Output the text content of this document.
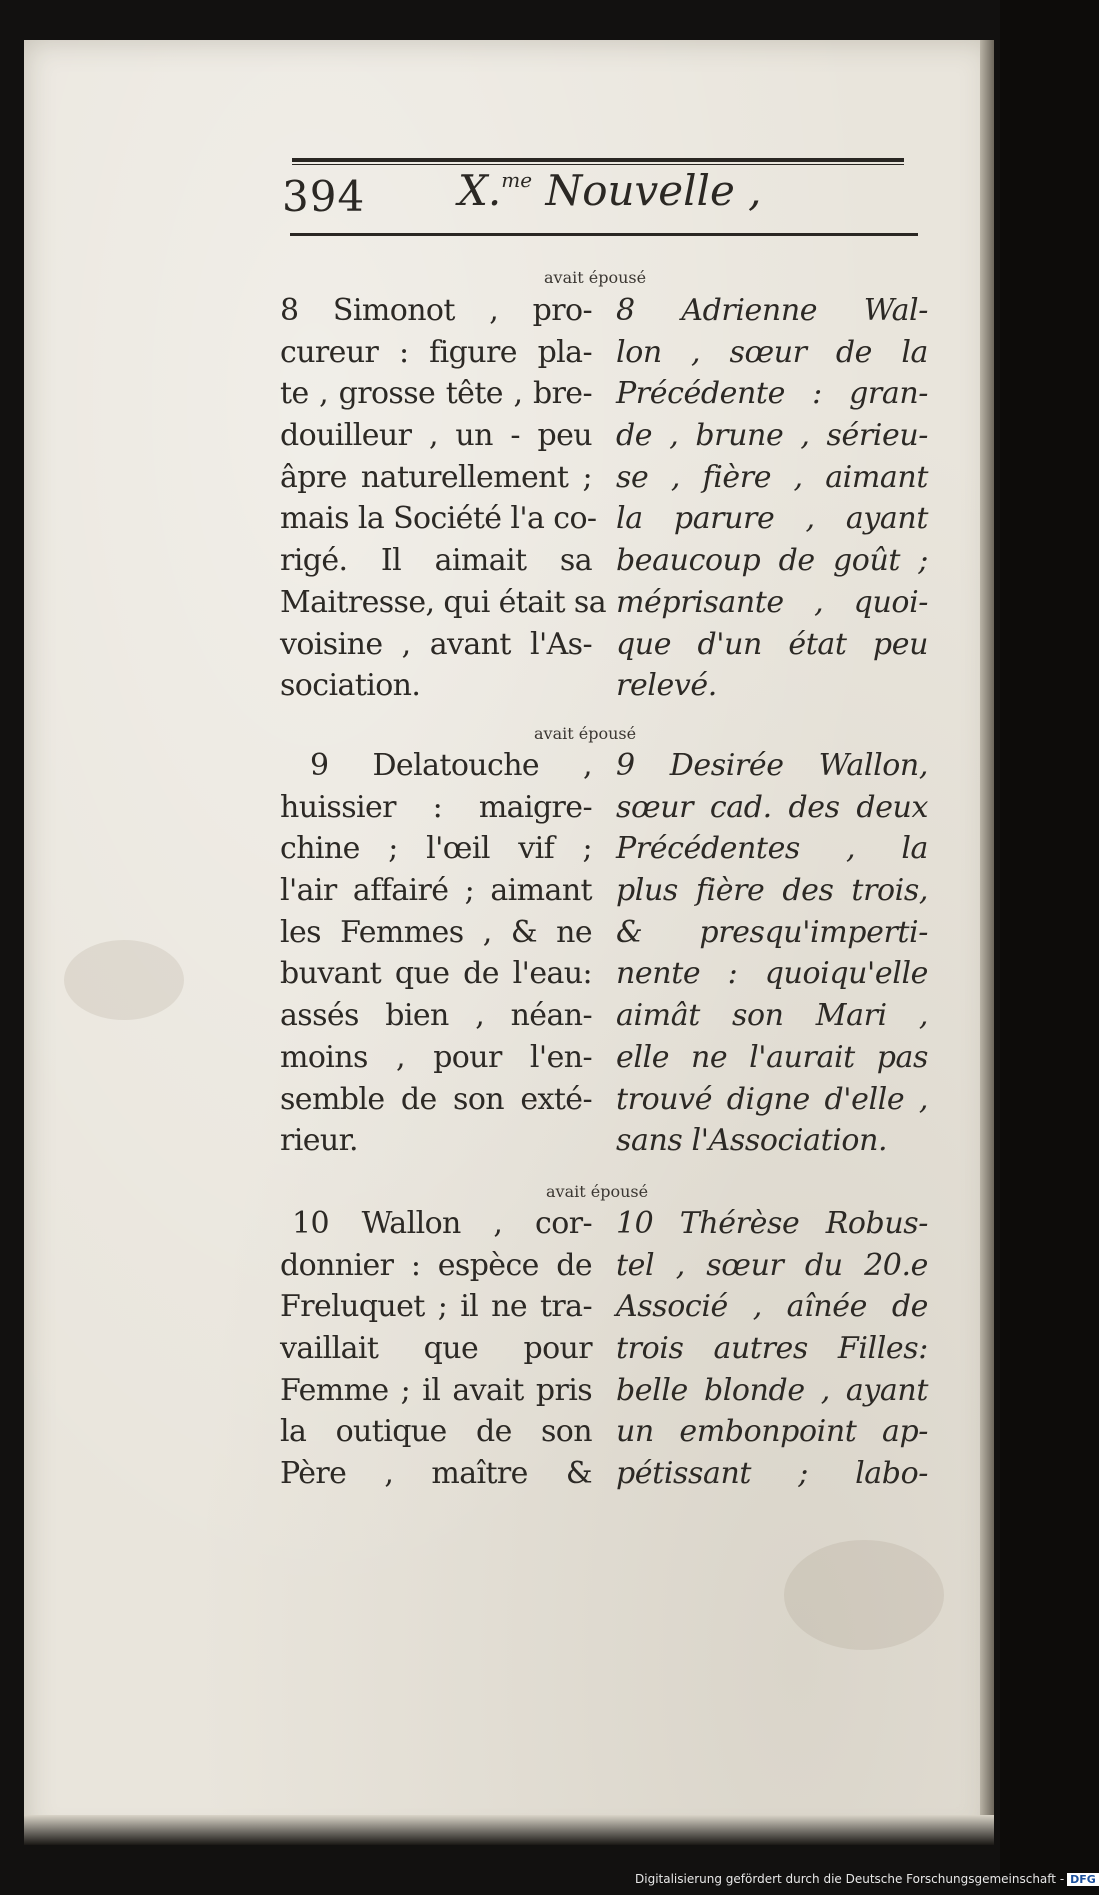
394 X.$^{me}$ Nouvelle ,
avait épousé
8 Simonot , pro-
cureur : figure pla-
te , grosse tête , bre-
douilleur , un - peu
âpre naturellement ;
mais la Société l'a co-
rigé. Il aimait sa
Maitresse, qui était sa
voisine , avant l'As-
sociation.
8 Adrienne Wal-
lon , sœur de la
Précédente : gran-
de , brune , sérieu-
se , fière , aimant
la parure , ayant
beaucoup de goût ;
méprisante , quoi-
que d'un état peu
relevé.
avait épousé
9 Delatouche ,
huissier : maigre-
chine ; l'œil vif ;
l'air affairé ; aimant
les Femmes , & ne
buvant que de l'eau:
assés bien , néan-
moins , pour l'en-
semble de son exté-
rieur.
9 Desirée Wallon,
sœur cad. des deux
Précédentes , la
plus fière des trois,
& presqu'imperti-
nente : quoiqu'elle
aimât son Mari ,
elle ne l'aurait pas
trouvé digne d'elle ,
sans l'Association.
avait épousé
10 Wallon , cor-
donnier : espèce de
Freluquet ; il ne tra-
vaillait que pour
Femme ; il avait pris
la outique de son
Père , maître &
10 Thérèse Robus-
tel , sœur du 20.e
Associé , aînée de
trois autres Filles:
belle blonde , ayant
un embonpoint ap-
pétissant ; labo-
Digitalisierung gefördert durch die Deutsche Forschungsgemeinschaft - DFG
